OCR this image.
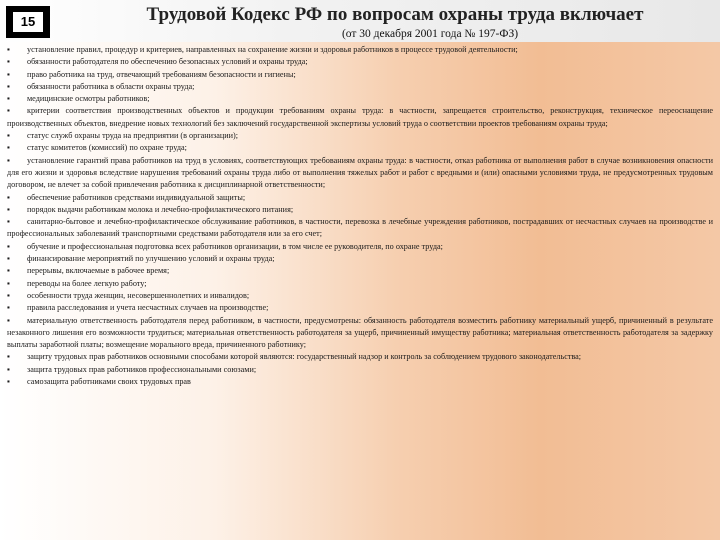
15	Трудовой Кодекс РФ по вопросам охраны труда включает
(от 30 декабря 2001 года № 197-ФЗ)
▪ установление правил, процедур и критериев, направленных на сохранение жизни и здоровья работников в процессе трудовой деятельности;
▪ обязанности работодателя по обеспечению безопасных условий и охраны труда;
▪ право работника на труд, отвечающий требованиям безопасности и гигиены;
▪ обязанности работника в области охраны труда;
▪ медицинские осмотры работников;
▪ критерии соответствия производственных объектов и продукции требованиям охраны труда: в частности, запрещается строительство, реконструкция, техническое переоснащение производственных объектов, внедрение новых технологий без заключений государственной экспертизы условий труда о соответствии проектов требованиям охраны труда;
▪ статус служб охраны труда на предприятии (в организации);
▪ статус комитетов (комиссий) по охране труда;
▪ установление гарантий права работников на труд в условиях, соответствующих требованиям охраны труда: в частности, отказ работника от выполнения работ в случае возникновения опасности для его жизни и здоровья вследствие нарушения требований охраны труда либо от выполнения тяжелых работ и работ с вредными и (или) опасными условиями труда, не предусмотренных трудовым договором, не влечет за собой привлечения работника к дисциплинарной ответственности;
▪ обеспечение работников средствами индивидуальной защиты;
▪ порядок выдачи работникам молока и лечебно-профилактического питания;
▪ санитарно-бытовое и лечебно-профилактическое обслуживание работников, в частности, перевозка в лечебные учреждения работников, пострадавших от несчастных случаев на производстве и профессиональных заболеваний транспортными средствами работодателя или за его счет;
▪ обучение и профессиональная подготовка всех работников организации, в том числе ее руководителя, по охране труда;
▪ финансирование мероприятий по улучшению условий и охраны труда;
▪ перерывы, включаемые в рабочее время;
▪ переводы на более легкую работу;
▪ особенности труда женщин, несовершеннолетних и инвалидов;
▪ правила расследования и учета несчастных случаев на производстве;
▪ материальную ответственность работодателя перед работником, в частности, предусмотрены: обязанность работодателя возместить работнику материальный ущерб, причиненный в результате незаконного лишения его возможности трудиться; материальная ответственность работодателя за ущерб, причиненный имуществу работника; материальная ответственность работодателя за задержку выплаты заработной платы; возмещение морального вреда, причиненного работнику;
▪ защиту трудовых прав работников основными способами которой являются: государственный надзор и контроль за соблюдением трудового законодательства;
▪ защита трудовых прав работников профессиональными союзами;
▪ самозащита работниками своих трудовых прав
